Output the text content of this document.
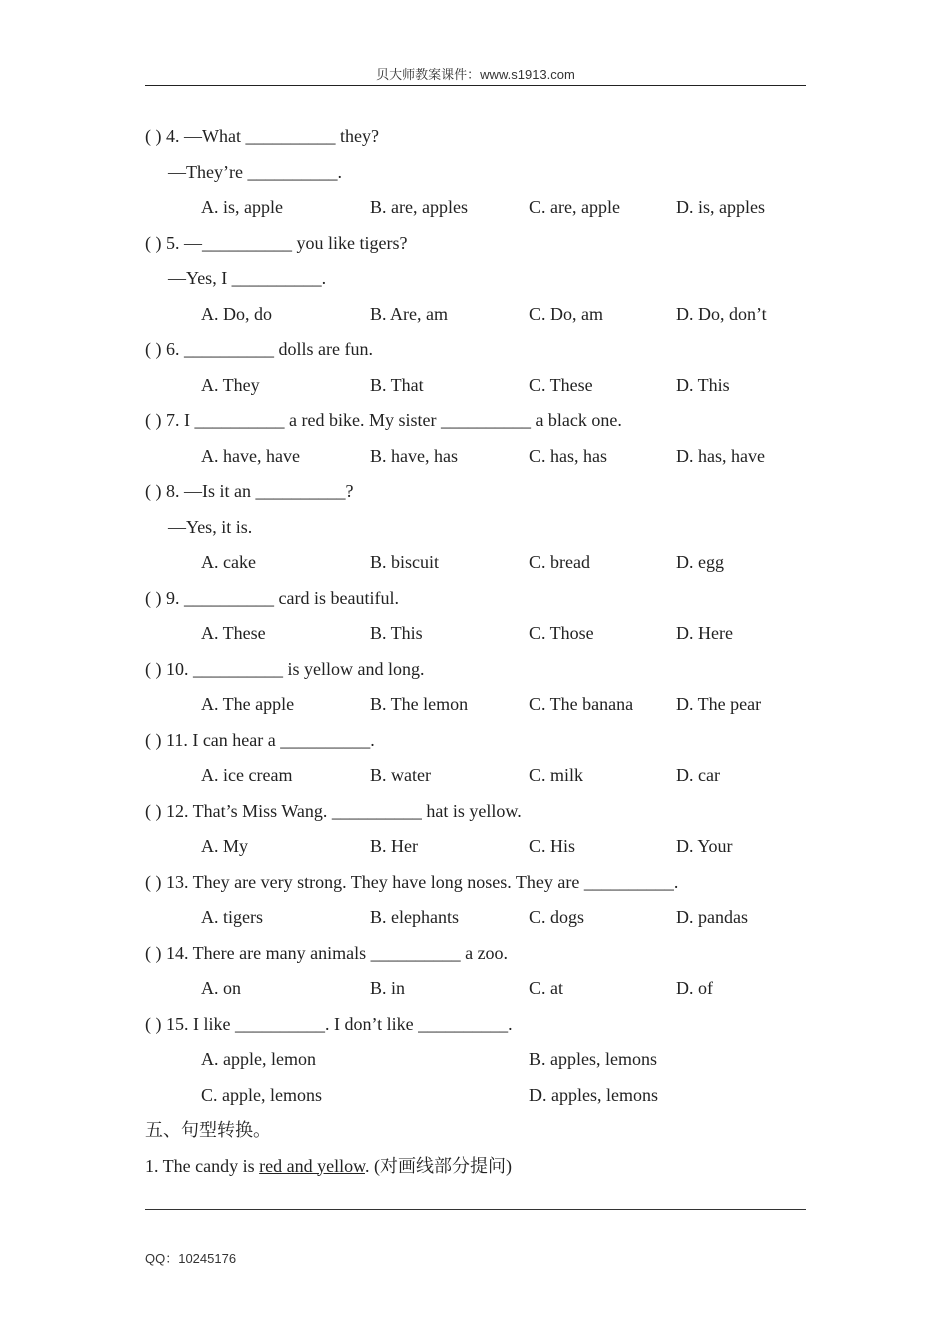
贝大师教案课件：www.s1913.com
( ) 4. —What __________ they?
—They’re __________.
A. is, apple	B. are, apples	C. are, apple	D. is, apples
( ) 5. —__________ you like tigers?
—Yes, I __________.
A. Do, do	B. Are, am	C. Do, am	D. Do, don’t
( ) 6. __________ dolls are fun.
A. They	B. That	C. These	D. This
( ) 7. I __________ a red bike. My sister __________ a black one.
A. have, have	B. have, has	C. has, has	D. has, have
( ) 8. —Is it an __________?
—Yes, it is.
A. cake	B. biscuit	C. bread	D. egg
( ) 9. __________ card is beautiful.
A. These	B. This	C. Those	D. Here
( ) 10. __________ is yellow and long.
A. The apple	B. The lemon	C. The banana D. The pear
( ) 11. I can hear a __________.
A. ice cream	B. water	C. milk	D. car
( ) 12. That’s Miss Wang. __________ hat is yellow.
A. My	B. Her	C. His	D. Your
( ) 13. They are very strong. They have long noses. They are __________.
A. tigers	B. elephants	C. dogs	D. pandas
( ) 14. There are many animals __________ a zoo.
A. on	B. in	C. at	D. of
( ) 15. I like __________. I don’t like __________.
A. apple, lemon	B. apples, lemons
C. apple, lemons	D. apples, lemons
五、句型转换。
1. The candy is red and yellow. (对画线部分提问)
QQ：10245176
